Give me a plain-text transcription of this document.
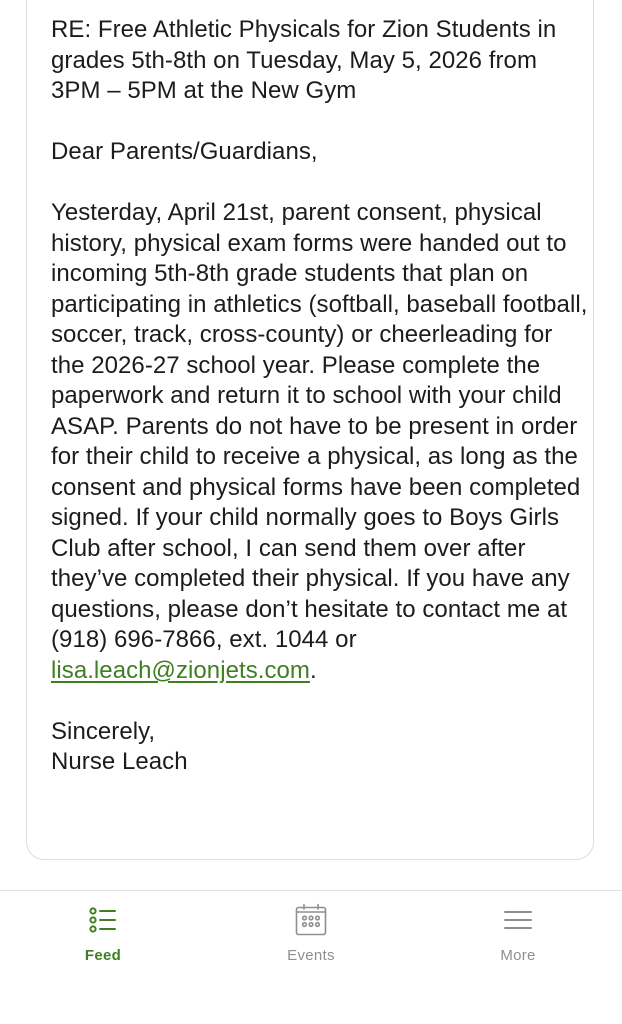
RE: Free Athletic Physicals for Zion Students in grades 5th-8th on Tuesday, May 5, 2026 from 3PM – 5PM at the New Gym

Dear Parents/Guardians,

Yesterday, April 21st, parent consent, physical history, physical exam forms were handed out to incoming 5th-8th grade students that plan on participating in athletics (softball, baseball football, soccer, track, cross-county) or cheerleading for the 2026-27 school year. Please complete the paperwork and return it to school with your child ASAP. Parents do not have to be present in order for their child to receive a physical, as long as the consent and physical forms have been completed signed. If your child normally goes to Boys Girls Club after school, I can send them over after they’ve completed their physical. If you have any questions, please don’t hesitate to contact me at (918) 696-7866, ext. 1044 or lisa.leach@zionjets.com.

Sincerely,
Nurse Leach

Feed	Events	More
